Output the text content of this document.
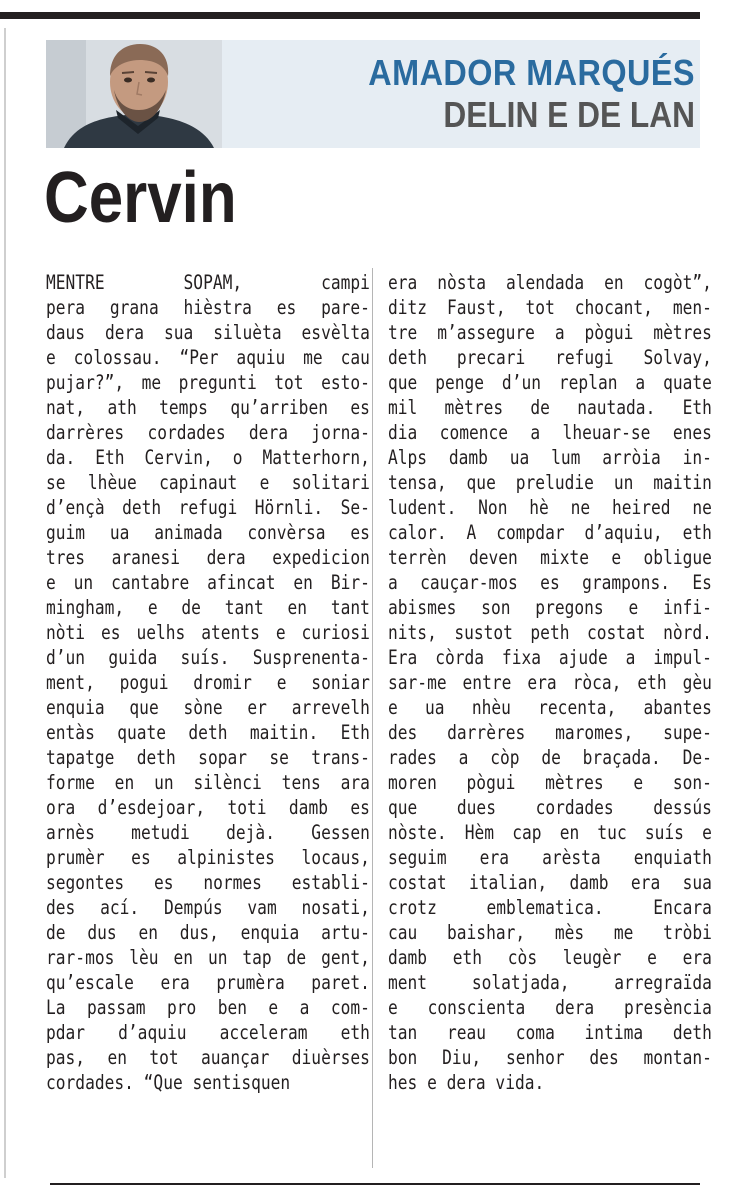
AMADOR MARQUÉS
DELIN E DE LAN
Cervin
MENTRE SOPAM, campi
pera grana hièstra es pare-
daus dera sua siluèta esvèlta
e colossau. “Per aquiu me cau
pujar?”, me pregunti tot esto-
nat, ath temps qu’arriben es
darrères cordades dera jorna-
da. Eth Cervin, o Matterhorn,
se lhèue capinaut e solitari
d’ençà deth refugi Hörnli. Se-
guim ua animada convèrsa es
tres aranesi dera expedicion
e un cantabre afincat en Bir-
mingham, e de tant en tant
nòti es uelhs atents e curiosi
d’un guida suís. Susprenenta-
ment, pogui dromir e soniar
enquia que sòne er arrevelh
entàs quate deth maitin. Eth
tapatge deth sopar se trans-
forme en un silènci tens ara
ora d’esdejoar, toti damb es
arnès metudi dejà. Gessen
prumèr es alpinistes locaus,
segontes es normes establi-
des ací. Dempús vam nosati,
de dus en dus, enquia artu-
rar-mos lèu en un tap de gent,
qu’escale era prumèra paret.
La passam pro ben e a com-
pdar d’aquiu acceleram eth
pas, en tot auançar diuèrses
cordades. “Que sentisquen
era nòsta alendada en cogòt”,
ditz Faust, tot chocant, men-
tre m’assegure a pògui mètres
deth precari refugi Solvay,
que penge d’un replan a quate
mil mètres de nautada. Eth
dia comence a lheuar-se enes
Alps damb ua lum arròia in-
tensa, que preludie un maitin
ludent. Non hè ne heired ne
calor. A compdar d’aquiu, eth
terrèn deven mixte e obligue
a cauçar-mos es grampons. Es
abismes son pregons e infi-
nits, sustot peth costat nòrd.
Era còrda fixa ajude a impul-
sar-me entre era ròca, eth gèu
e ua nhèu recenta, abantes
des darrères maromes, supe-
rades a còp de braçada. De-
moren pògui mètres e son-
que dues cordades dessús
nòste. Hèm cap en tuc suís e
seguim era arèsta enquiath
costat italian, damb era sua
crotz emblematica. Encara
cau baishar, mès me tròbi
damb eth còs leugèr e era
ment solatjada, arregraïda
e conscienta dera presència
tan reau coma intima deth
bon Diu, senhor des montan-
hes e dera vida.
